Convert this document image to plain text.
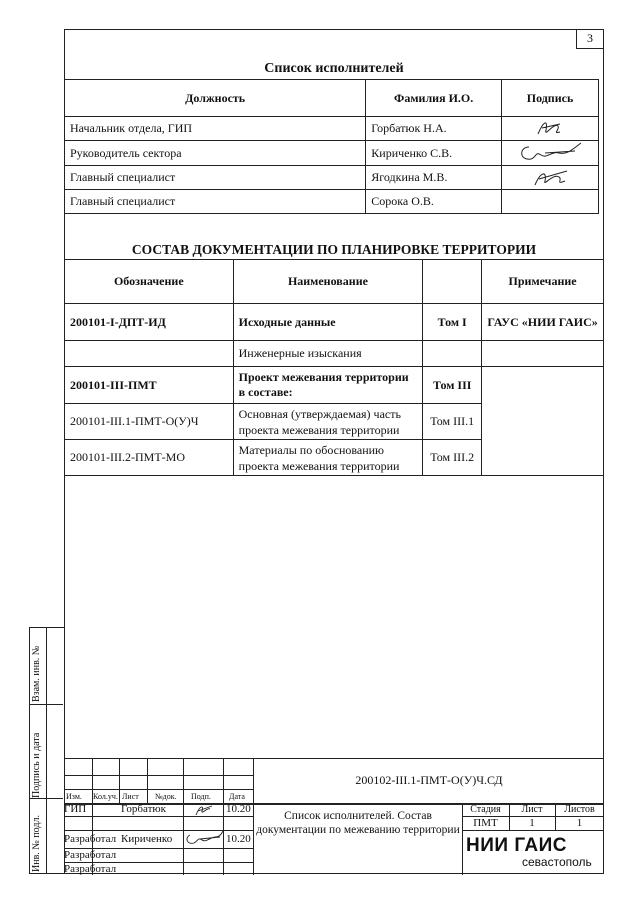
3
Список исполнителей
Должность	Фамилия И.О.	Подпись
Начальник отдела, ГИП	Горбатюк Н.А.	

Руководитель сектора	Кириченко С.В.	

Главный специалист	Ягодкина М.В.	

Главный специалист	Сорока О.В.	
СОСТАВ ДОКУМЕНТАЦИИ ПО ПЛАНИРОВКЕ ТЕРРИТОРИИ
Обозначение	Наименование		Примечание
200101-I-ДПТ-ИД	Исходные данные	Том I	ГАУС «НИИ ГАИС»
	Инженерные изыскания		
200101-III-ПМТ	Проект межевания территории в составе:	Том III	
200101-III.1-ПМТ-О(У)Ч	Основная (утверждаемая) часть проекта межевания территории	Том III.1	
200101-III.2-ПМТ-МО	Материалы по обоснованию проекта межевания территории	Том III.2	
Взам. инв. №
Подпись и дата
Инв. № подл.
200102-III.1-ПМТ-О(У)Ч.СД
Изм. Кол.уч. Лист №док. Подп. Дата
ГИП	Горбатюк	10.20
Разработал Кириченко	10.20
Разработал
Разработал
Список исполнителей. Состав документации по межеванию территории
Стадия	Лист	Листов
ПМТ	1	1
НИИ ГАИС
севастополь
